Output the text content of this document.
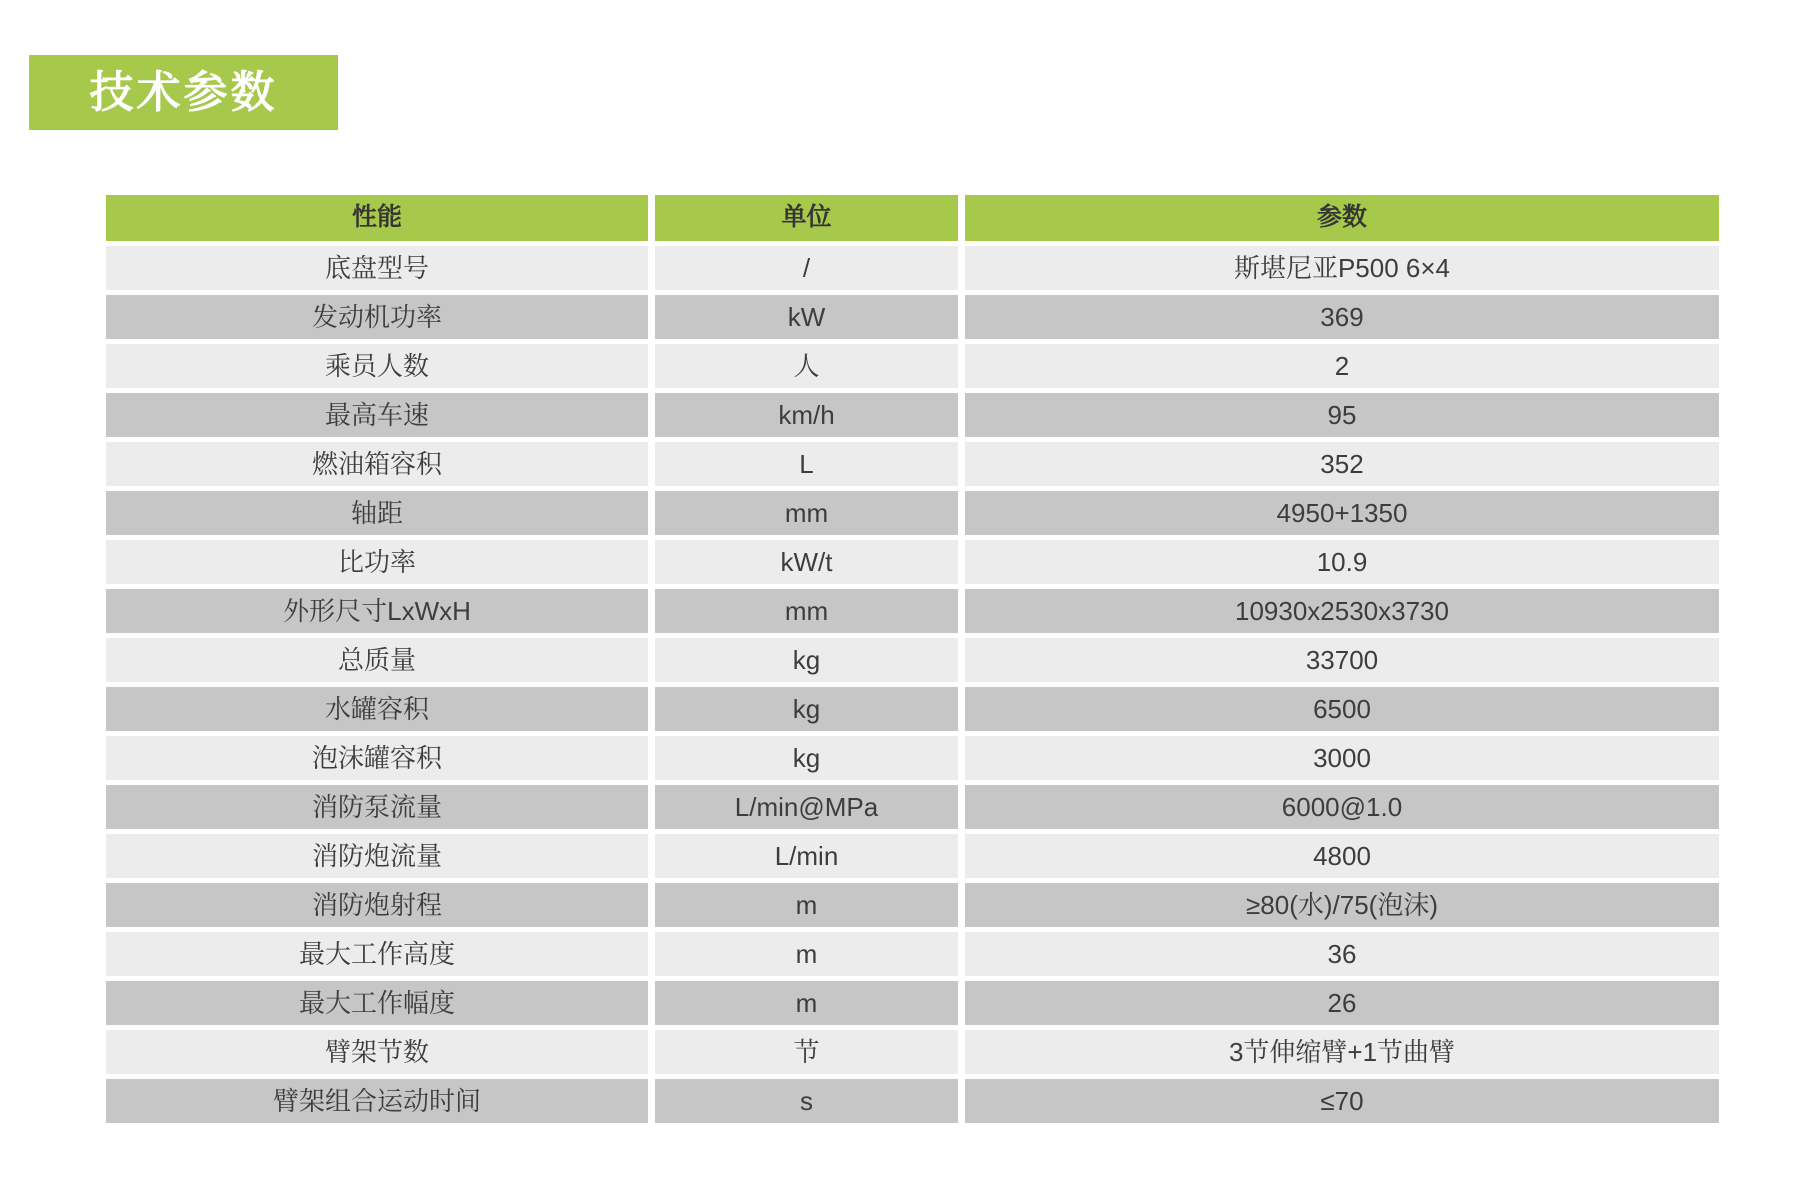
技术参数
性能	单位	参数
底盘型号	/	斯堪尼亚P500 6×4
发动机功率	kW	369
乘员人数	人	2
最高车速	km/h	95
燃油箱容积	L	352
轴距	mm	4950+1350
比功率	kW/t	10.9
外形尺寸LxWxH	mm	10930x2530x3730
总质量	kg	33700
水罐容积	kg	6500
泡沫罐容积	kg	3000
消防泵流量	L/min@MPa	6000@1.0
消防炮流量	L/min	4800
消防炮射程	m	≥80(水)/75(泡沫)
最大工作高度	m	36
最大工作幅度	m	26
臂架节数	节	3节伸缩臂+1节曲臂
臂架组合运动时间	s	≤70
